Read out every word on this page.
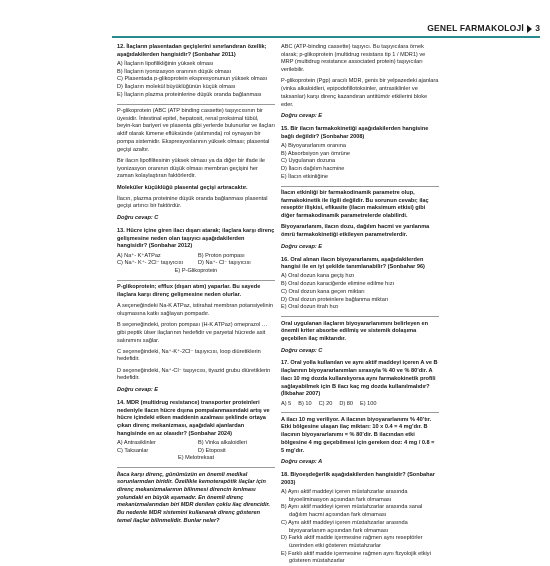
GENEL FARMAKOLOJİ 3
12. İlaçların plasentadan geçişlerini sınırlandıran özellik; aşağıdakilerden hangisidir? (Sonbahar 2011)
A) İlaçların lipofilikliğinin yüksek olması
B) İlaçların iyonizasyon oranının düşük olması
C) Plasentada p-glikoprotein ekspresyonunun yüksek olması
D) İlaçların molekül büyüklüğünün küçük olması
E) İlaçların plazma proteinlerine düşük oranda bağlanması
P-glikoprotein (ABC (ATP binding cassette) taşıyıcısının bir üyesidir. İntestinal epitel, hepatosit, renal proksimal tübül, beyin-kan bariyeri ve plasenta gibi yerlerde bulunurlar ve ilaçları aktif olarak lümene eflüksünde (atılımında) rol oynayan bir pompa sistemidir. Ekspresyonlarının yüksek olması; plasental geçişi azaltır.
Bir ilacın lipofilitesinin yüksek olması ya da diğer bir ifade ile iyonizasyon oranının düşük olması membran geçişini her zaman kolaylaştıran faktörlerdir.
Moleküler küçüklüğü plasental geçişi artıracaktır.
İlacın, plazma proteinine düşük oranda bağlanması plasental geçişi artırıcı bir faktördür.
Doğru cevap: C
13. Hücre içine giren ilacı dışarı atarak; ilaçlara karşı direnç gelişmesine neden olan taşıyıcı aşağıdakilerden hangisidir? (Sonbahar 2012)
A) Na⁺- K⁺ATPaz	B) Proton pompası
C) Na⁺- K⁺- 2Cl⁻ taşıyıcısı	D) Na⁺- Cl⁻ taşıyıcısı
E) P-Glikoprotein
P-glikoprotein; efflux (dışarı atım) yaparlar. Bu sayede ilaçlara karşı direnç gelişmesine neden olurlar.
A seçeneğindeki Na-K ATPaz, istirahat membran potansiyelinin oluşmasına katkı sağlayan pompadır.
B seçeneğindeki, proton pompası (H-K ATPaz) omeprazol … gibi peptik ülser ilaçlarının hedefidir ve paryetal hücrede asit salınımını sağlar.
C seçeneğindeki, Na⁺-K⁺-2Cl⁻ taşıyıcısı, loop diüretiklerin hedefidir.
D seçeneğindeki, Na⁺-Cl⁻ taşıyıcısı, tiyazid grubu diüretiklerin hedefidir.
Doğru cevap: E
14. MDR (multidrug resistance) transporter proteinleri nedeniyle ilacın hücre dışına pompalanmasındaki artış ve hücre içindeki etken maddenin azalması şeklinde ortaya çıkan direnç mekanizması, aşağıdaki ajanlardan hangisinde en az olasıdır? (Sonbahar 2024)
A) Antrasiklinler	B) Vinka alkaloidleri
C) Taksanlar	D) Etoposit
E) Melotreksat
İlaca karşı direnç, günümüzün en önemli medikal sorunlarından biridir. Özellikle kemoterapötik ilaçlar için direnç mekanizmalarının bilinmesi direncin kırılması yolundaki en büyük aşamadır. En önemli direnç mekanizmalarından biri MDR denilen çoklu ilaç direncidir. Bu nedenle MDR sistemini kullanarak direnç gösteren temel ilaçlar bilinmelidir. Bunlar neler?
ABC (ATP-binding cassette) taşıyıcı. Bu taşıyıcılara örnek olarak; p-glikoprotein (multidrug resistans tip 1 / MDR1) ve MRP (multidrug resistance associated protein) taşıyıcıları verilebilir.
P-glikoprotein (Pgp) aracılı MDR, genis bir yelpazedeki ajanlara (vinka alkaloidleri, epipodofillotoksinler, antrasiklinler ve taksanlar) karşı direnç kazandıran antitümör etkilerini bloke eder.
Doğru cevap: E
15. Bir ilacın farmakokinetiği aşağıdakilerden hangisine bağlı değildir? (Sonbahar 2008)
A) Biyoyararlanım oranına
B) Absorbsiyon yarı ömrüne
C) Uygulanan dozuna
D) İlacın dağılım hacmine
E) İlacın etkinliğine
İlacın etkinliği bir farmakodinamik parametre olup, farmakokinetik ile ilgili değildir. Bu sorunun cevabı; ilaç reseptör ilişkisi, efikasite (ilacın maksimum etkisi) gibi diğer farmakodinamik parametrelerde olabilirdi.
Biyoyararlanım, ilacın dozu, dağılım hacmi ve yarılanma ömrü farmakokinetiği etkileyen parametrelerdir.
Doğru cevap: E
16. Oral alınan ilacın biyoyararlanımı, aşağıdakilerden hangisi ile en iyi şekilde tanımlanabilir? (Sonbahar 96)
A) Oral dozun kana geçiş hızı
B) Oral dozun karaciğerde elimine edilme hızı
C) Oral dozun kana geçen miktarı
D) Oral dozun proteinlere bağlanma miktarı
E) Oral dozun itrah hızı
Oral uygulanan ilaçların biyoyararlanımını belirleyen en önemli kriter absorbe edilmiş ve sistemik dolaşıma geçebilen ilaç miktarıdır.
Doğru cevap: C
17. Oral yolla kullanılan ve aynı aktif maddeyi içeren A ve B ilaçlarının biyoyararlanımları sırasıyla % 40 ve % 80’dir. A ilacı 10 mg dozda kullanılıyorsa aynı farmakokinetik profili sağlayabilmek için B ilacı kaç mg dozda kullanılmalıdır? (İlkbahar 2007)
A) 5 B) 10 C) 20 D) 80 E) 100
A ilacı 10 mg veriliyor. A ilacının biyoyararlanımı % 40’tır. Etki bölgesine ulaşan ilaç miktarı: 10 x 0.4 = 4 mg’dır. B ilacının biyoyararlanımı = % 80’dir. B ilacından etki bölgesine 4 mg geçebilmesi için gereken doz: 4 mg / 0.8 = 5 mg’dır.
Doğru cevap: A
18. Biyoeşdeğerlik aşağıdakilerden hangisidir? (Sonbahar 2003)
A) Aynı aktif maddeyi içeren müstahzarlar arasında biyoeliminasyon açısından fark olmaması
B) Aynı aktif maddeyi içeren müstahzarlar arasında sanal dağılım hacmi açısından fark olmaması
C) Aynı aktif maddeyi içeren müstahzarlar arasında biyoyararlanım açısından fark olmaması
D) Farklı aktif madde içermesine rağmen aynı reseptörler üzerinden etki gösteren müstahzarlar
E) Farklı aktif madde içermesine rağmen aynı fizyolojik etkiyi gösteren müstahzarlar
